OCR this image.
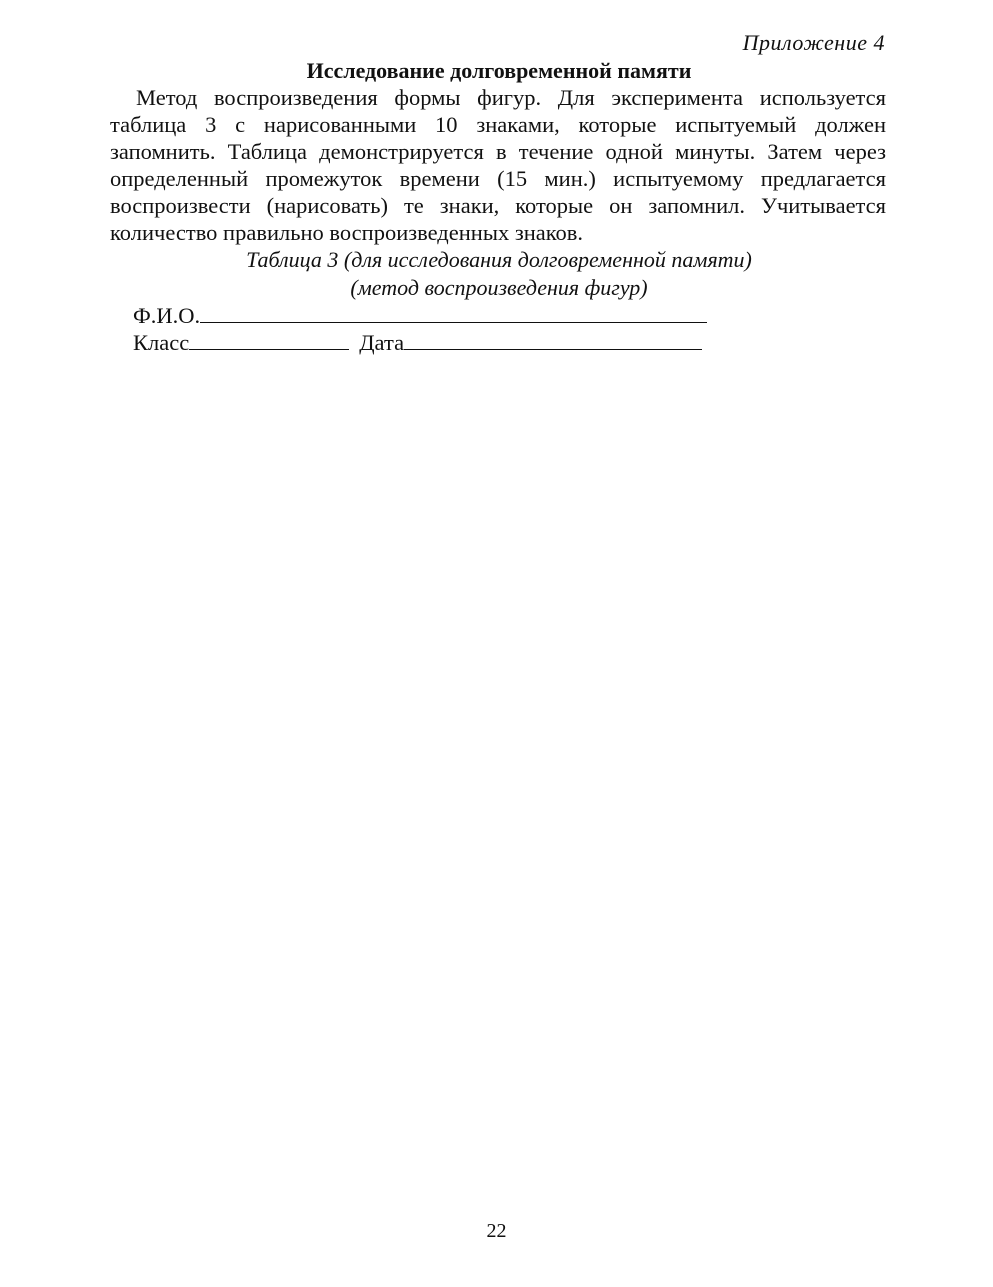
Приложение 4
Исследование долговременной памяти

Метод воспроизведения формы фигур. Для эксперимента используется таблица 3 с нарисованными 10 знаками, которые испытуемый должен запомнить. Таблица демонстрируется в течение одной минуты. Затем через определенный промежуток времени (15 мин.) испытуемому предлагается воспроизвести (нарисовать) те знаки, которые он запомнил. Учитывается количество правильно воспроизведенных знаков.

Таблица 3 (для исследования долговременной памяти)
(метод воспроизведения фигур)
Ф.И.О.
Класс	Дата
22
